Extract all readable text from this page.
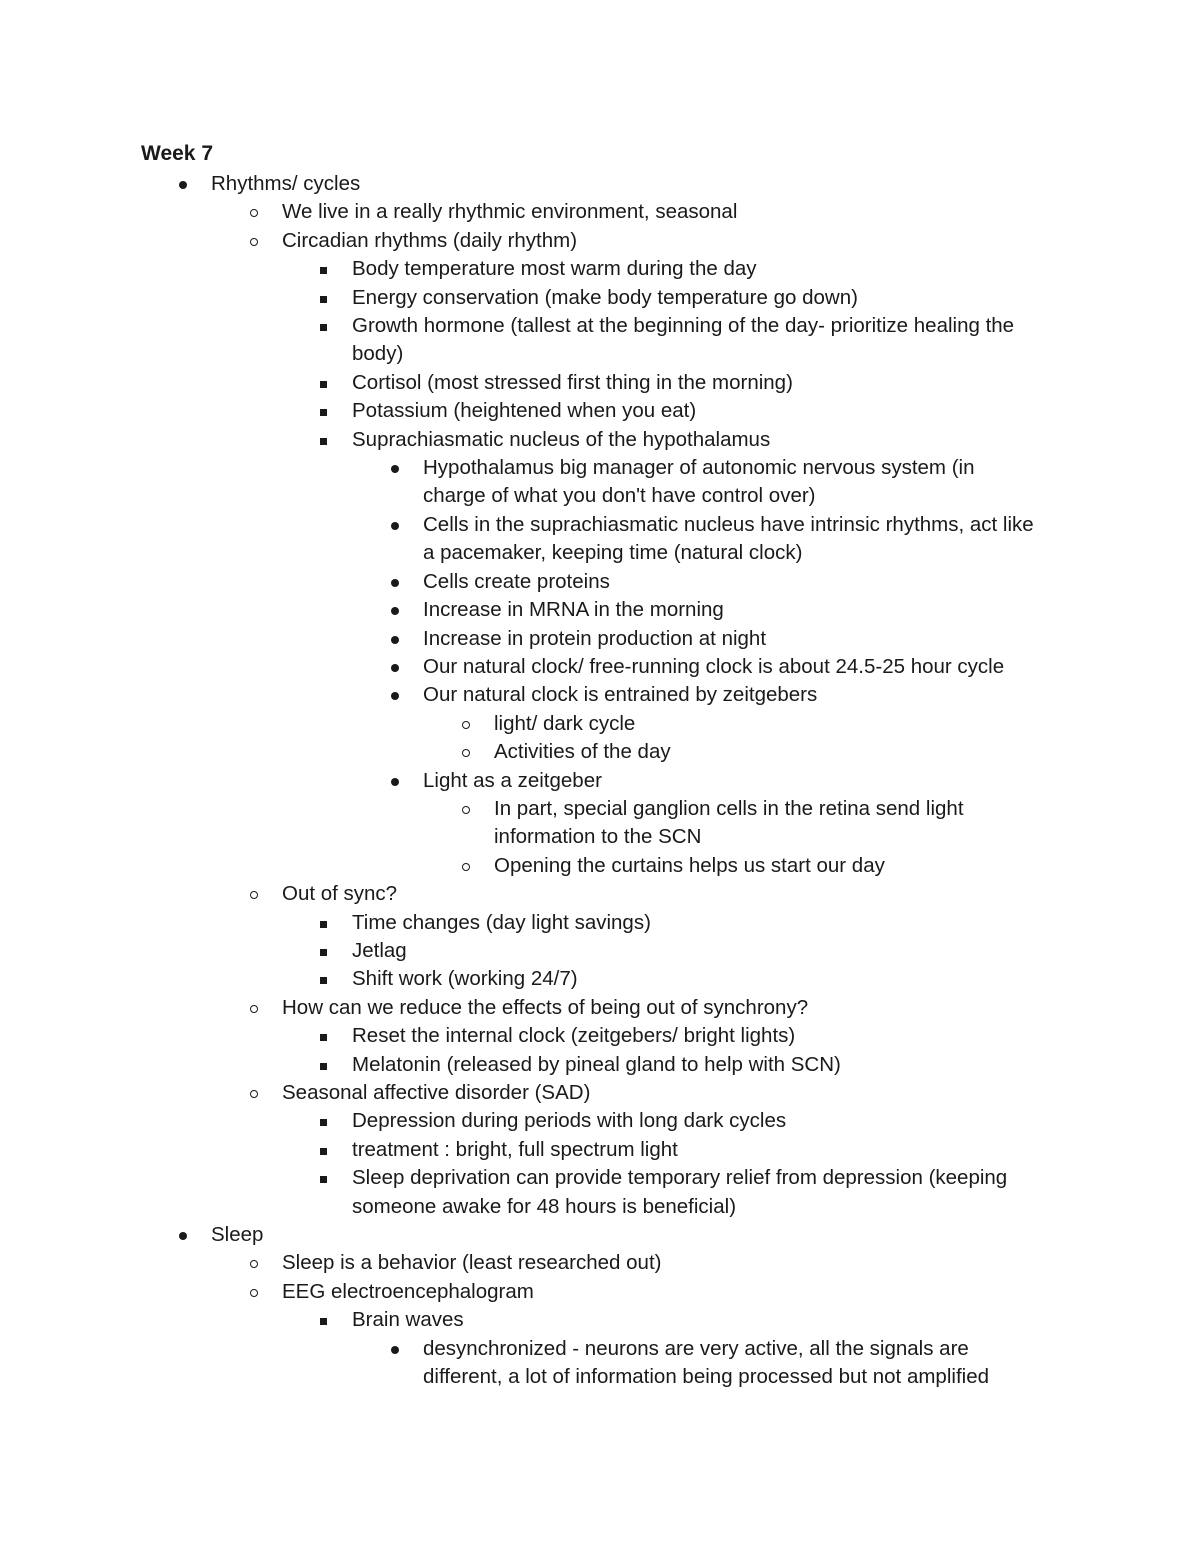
Week 7
Rhythms/ cycles
We live in a really rhythmic environment, seasonal
Circadian rhythms (daily rhythm)
Body temperature most warm during the day
Energy conservation (make body temperature go down)
Growth hormone (tallest at the beginning of the day- prioritize healing the body)
Cortisol (most stressed first thing in the morning)
Potassium (heightened when you eat)
Suprachiasmatic nucleus of the hypothalamus
Hypothalamus big manager of autonomic nervous system (in charge of what you don't have control over)
Cells in the suprachiasmatic nucleus have intrinsic rhythms, act like a pacemaker, keeping time (natural clock)
Cells create proteins
Increase in MRNA in the morning
Increase in protein production at night
Our natural clock/ free-running clock is about 24.5-25 hour cycle
Our natural clock is entrained by zeitgebers
light/ dark cycle
Activities of the day
Light as a zeitgeber
In part, special ganglion cells in the retina send light information to the SCN
Opening the curtains helps us start our day
Out of sync?
Time changes (day light savings)
Jetlag
Shift work (working 24/7)
How can we reduce the effects of being out of synchrony?
Reset the internal clock (zeitgebers/ bright lights)
Melatonin (released by pineal gland to help with SCN)
Seasonal affective disorder (SAD)
Depression during periods with long dark cycles
treatment : bright, full spectrum light
Sleep deprivation can provide temporary relief from depression (keeping someone awake for 48 hours is beneficial)
Sleep
Sleep is a behavior (least researched out)
EEG electroencephalogram
Brain waves
desynchronized - neurons are very active, all the signals are different, a lot of information being processed but not amplified
